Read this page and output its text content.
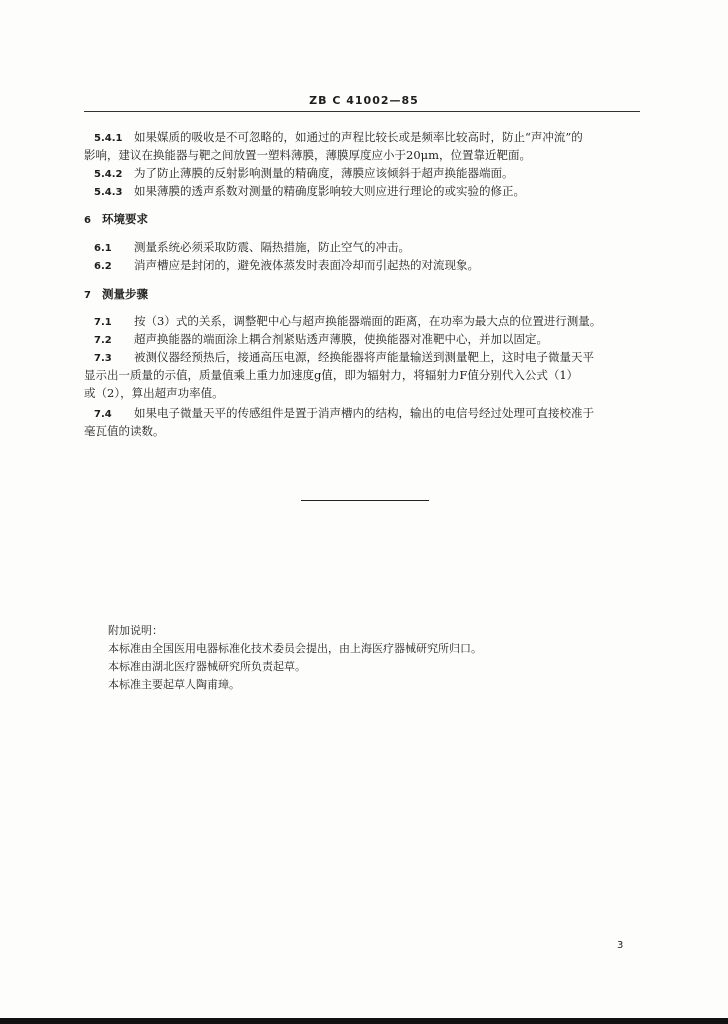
ZB C 41002—85
5.4.1 如果媒质的吸收是不可忽略的，如通过的声程比较长或是频率比较高时，防止“声冲流”的
影响，建议在换能器与靶之间放置一塑料薄膜，薄膜厚度应小于20μm，位置靠近靶面。
5.4.2 为了防止薄膜的反射影响测量的精确度，薄膜应该倾斜于超声换能器端面。
5.4.3 如果薄膜的透声系数对测量的精确度影响较大则应进行理论的或实验的修正。
6 环境要求
6.1 测量系统必须采取防震、隔热措施，防止空气的冲击。
6.2 消声槽应是封闭的，避免液体蒸发时表面冷却而引起热的对流现象。
7 测量步骤
7.1 按（3）式的关系，调整靶中心与超声换能器端面的距离，在功率为最大点的位置进行测量。
7.2 超声换能器的端面涂上耦合剂紧贴透声薄膜，使换能器对准靶中心，并加以固定。
7.3 被测仪器经预热后，接通高压电源，经换能器将声能量输送到测量靶上，这时电子微量天平
显示出一质量的示值，质量值乘上重力加速度g值，即为辐射力，将辐射力F值分别代入公式（1）
或（2），算出超声功率值。
7.4 如果电子微量天平的传感组件是置于消声槽内的结构，输出的电信号经过处理可直接校准于
毫瓦值的读数。
附加说明：
本标准由全国医用电器标准化技术委员会提出，由上海医疗器械研究所归口。
本标准由湖北医疗器械研究所负责起草。
本标准主要起草人陶甫璋。
3
